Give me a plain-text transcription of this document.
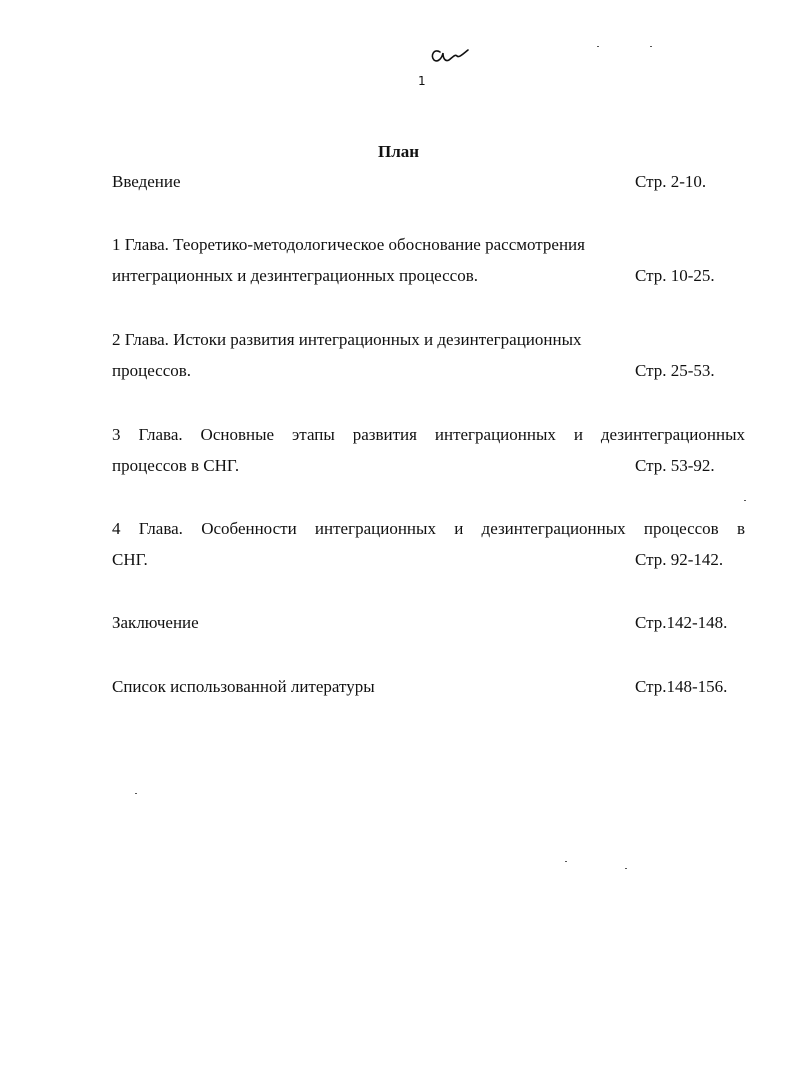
1
План
Введение	Стр. 2-10.
1 Глава. Теоретико-методологическое обоснование рассмотрения
интеграционных и дезинтеграционных процессов.	Стр. 10-25.
2 Глава. Истоки развития интеграционных и дезинтеграционных
процессов.	Стр. 25-53.
3 Глава. Основные этапы развития интеграционных и дезинтеграционных
процессов в СНГ.	Стр. 53-92.
4 Глава. Особенности интеграционных и дезинтеграционных процессов в
СНГ.	Стр. 92-142.
Заключение	Стр.142-148.
Список использованной литературы	Стр.148-156.
